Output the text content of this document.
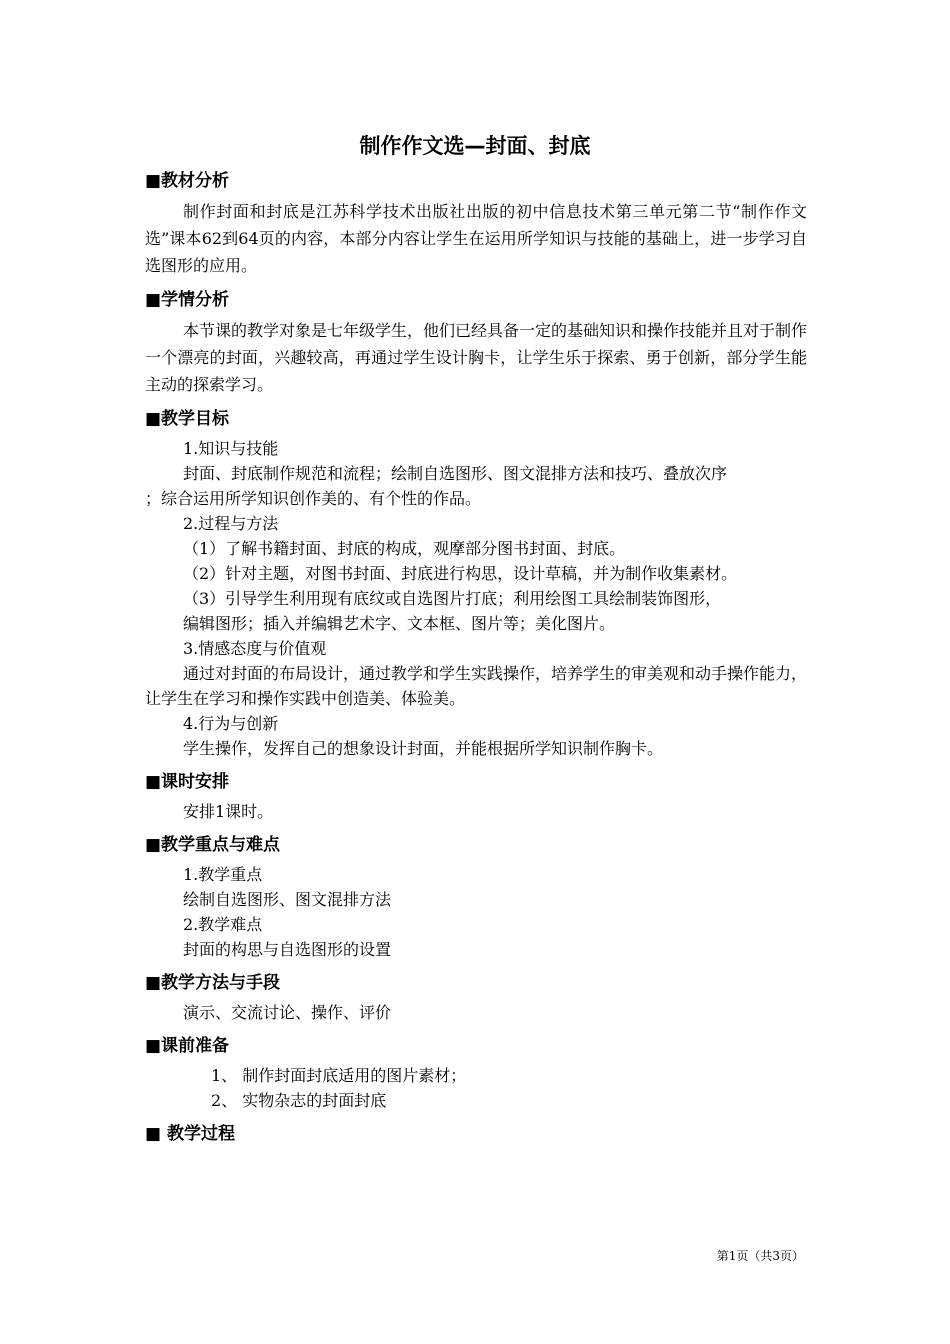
制作作文选—封面、封底
■教材分析

制作封面和封底是江苏科学技术出版社出版的初中信息技术第三单元第二节“制作作文选”课本62到64页的内容，本部分内容让学生在运用所学知识与技能的基础上，进一步学习自选图形的应用。

■学情分析

本节课的教学对象是七年级学生，他们已经具备一定的基础知识和操作技能并且对于制作一个漂亮的封面，兴趣较高，再通过学生设计胸卡，让学生乐于探索、勇于创新，部分学生能主动的探索学习。

■教学目标

1.知识与技能

封面、封底制作规范和流程；绘制自选图形、图文混排方法和技巧、叠放次序

；综合运用所学知识创作美的、有个性的作品。

2.过程与方法

（1）了解书籍封面、封底的构成，观摩部分图书封面、封底。

（2）针对主题，对图书封面、封底进行构思，设计草稿，并为制作收集素材。

（3）引导学生利用现有底纹或自选图片打底；利用绘图工具绘制装饰图形，

编辑图形；插入并编辑艺术字、文本框、图片等；美化图片。

3.情感态度与价值观

通过对封面的布局设计，通过教学和学生实践操作，培养学生的审美观和动手操作能力，让学生在学习和操作实践中创造美、体验美。

4.行为与创新

学生操作，发挥自己的想象设计封面，并能根据所学知识制作胸卡。

■课时安排

安排1课时。

■教学重点与难点

1.教学重点

绘制自选图形、图文混排方法

2.教学难点

封面的构思与自选图形的设置

■教学方法与手段

演示、交流讨论、操作、评价

■课前准备

1、 制作封面封底适用的图片素材；

2、 实物杂志的封面封底

■ 教学过程
第1页（共3页）
